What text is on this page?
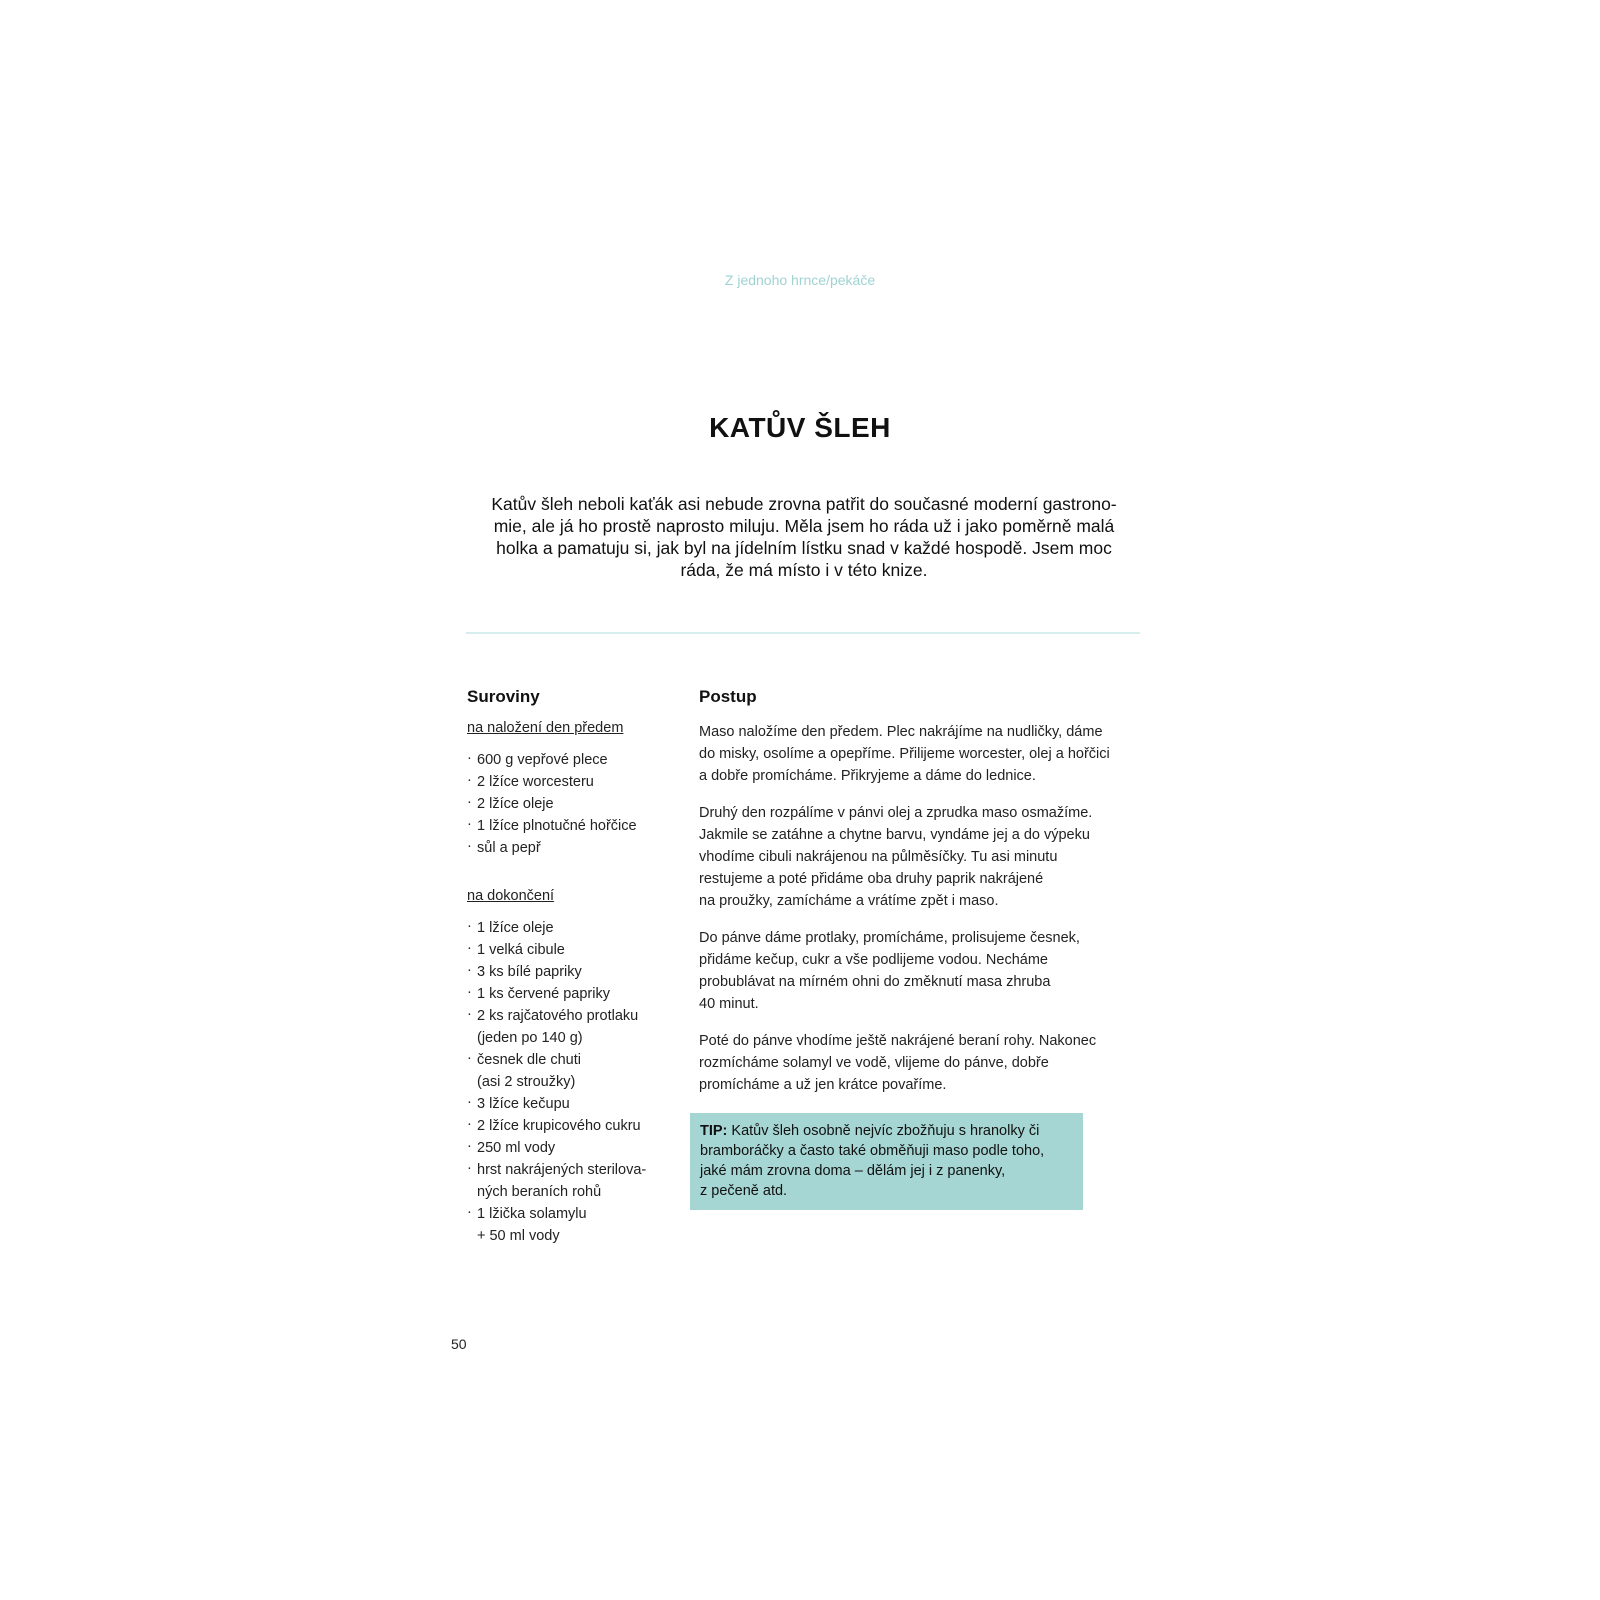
Z jednoho hrnce/pekáče
KATŮV ŠLEH
Katův šleh neboli kaťák asi nebude zrovna patřit do současné moderní gastrono-
mie, ale já ho prostě naprosto miluju. Měla jsem ho ráda už i jako poměrně malá
holka a pamatuju si, jak byl na jídelním lístku snad v každé hospodě. Jsem moc
ráda, že má místo i v této knize.
Suroviny
na naložení den předem
· 600 g vepřové plece
· 2 lžíce worcesteru
· 2 lžíce oleje
· 1 lžíce plnotučné hořčice
· sůl a pepř
na dokončení
· 1 lžíce oleje
· 1 velká cibule
· 3 ks bílé papriky
· 1 ks červené papriky
· 2 ks rajčatového protlaku
(jeden po 140 g)
· česnek dle chuti
(asi 2 stroužky)
· 3 lžíce kečupu
· 2 lžíce krupicového cukru
· 250 ml vody
· hrst nakrájených sterilova-
ných beraních rohů
· 1 lžička solamylu
+ 50 ml vody
Postup

Maso naložíme den předem. Plec nakrájíme na nudličky, dáme
do misky, osolíme a opepříme. Přilijeme worcester, olej a hořčici
a dobře promícháme. Přikryjeme a dáme do lednice.

Druhý den rozpálíme v pánvi olej a zprudka maso osmažíme.
Jakmile se zatáhne a chytne barvu, vyndáme jej a do výpeku
vhodíme cibuli nakrájenou na půlměsíčky. Tu asi minutu
restujeme a poté přidáme oba druhy paprik nakrájené
na proužky, zamícháme a vrátíme zpět i maso.

Do pánve dáme protlaky, promícháme, prolisujeme česnek,
přidáme kečup, cukr a vše podlijeme vodou. Necháme
probublávat na mírném ohni do změknutí masa zhruba
40 minut.

Poté do pánve vhodíme ještě nakrájené beraní rohy. Nakonec
rozmícháme solamyl ve vodě, vlijeme do pánve, dobře
promícháme a už jen krátce povaříme.

TIP: Katův šleh osobně nejvíc zbožňuju s hranolky či
bramboráčky a často také obměňuji maso podle toho,
jaké mám zrovna doma – dělám jej i z panenky,
z pečeně atd.
50
